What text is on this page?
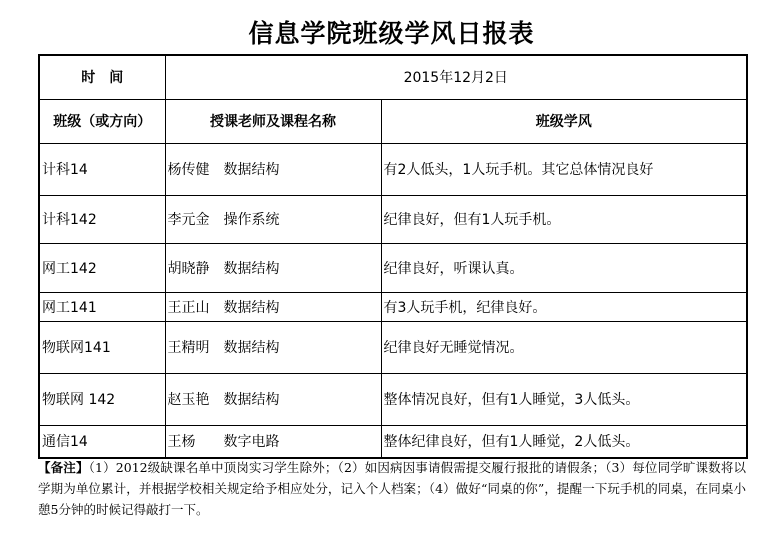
信息学院班级学风日报表
时　间	2015年12月2日	
班级（或方向）	授课老师及课程名称	班级学风
计科14	杨传健　数据结构	有2人低头，1人玩手机。其它总体情况良好
计科142	李元金　操作系统	纪律良好，但有1人玩手机。
网工142	胡晓静　数据结构	纪律良好，听课认真。
网工141	王正山　数据结构	有3人玩手机，纪律良好。
物联网141	王精明　数据结构	纪律良好无睡觉情况。
物联网 142	赵玉艳　数据结构	整体情况良好，但有1人睡觉，3人低头。
通信14	王杨　　数字电路	整体纪律良好，但有1人睡觉，2人低头。
【备注】（1）2012级缺课名单中顶岗实习学生除外；（2）如因病因事请假需提交履行报批的请假条；（3）每位同学旷课数将以学期为单位累计，并根据学校相关规定给予相应处分，记入个人档案；（4）做好“同桌的你”，提醒一下玩手机的同桌，在同桌小憩5分钟的时候记得敲打一下。
